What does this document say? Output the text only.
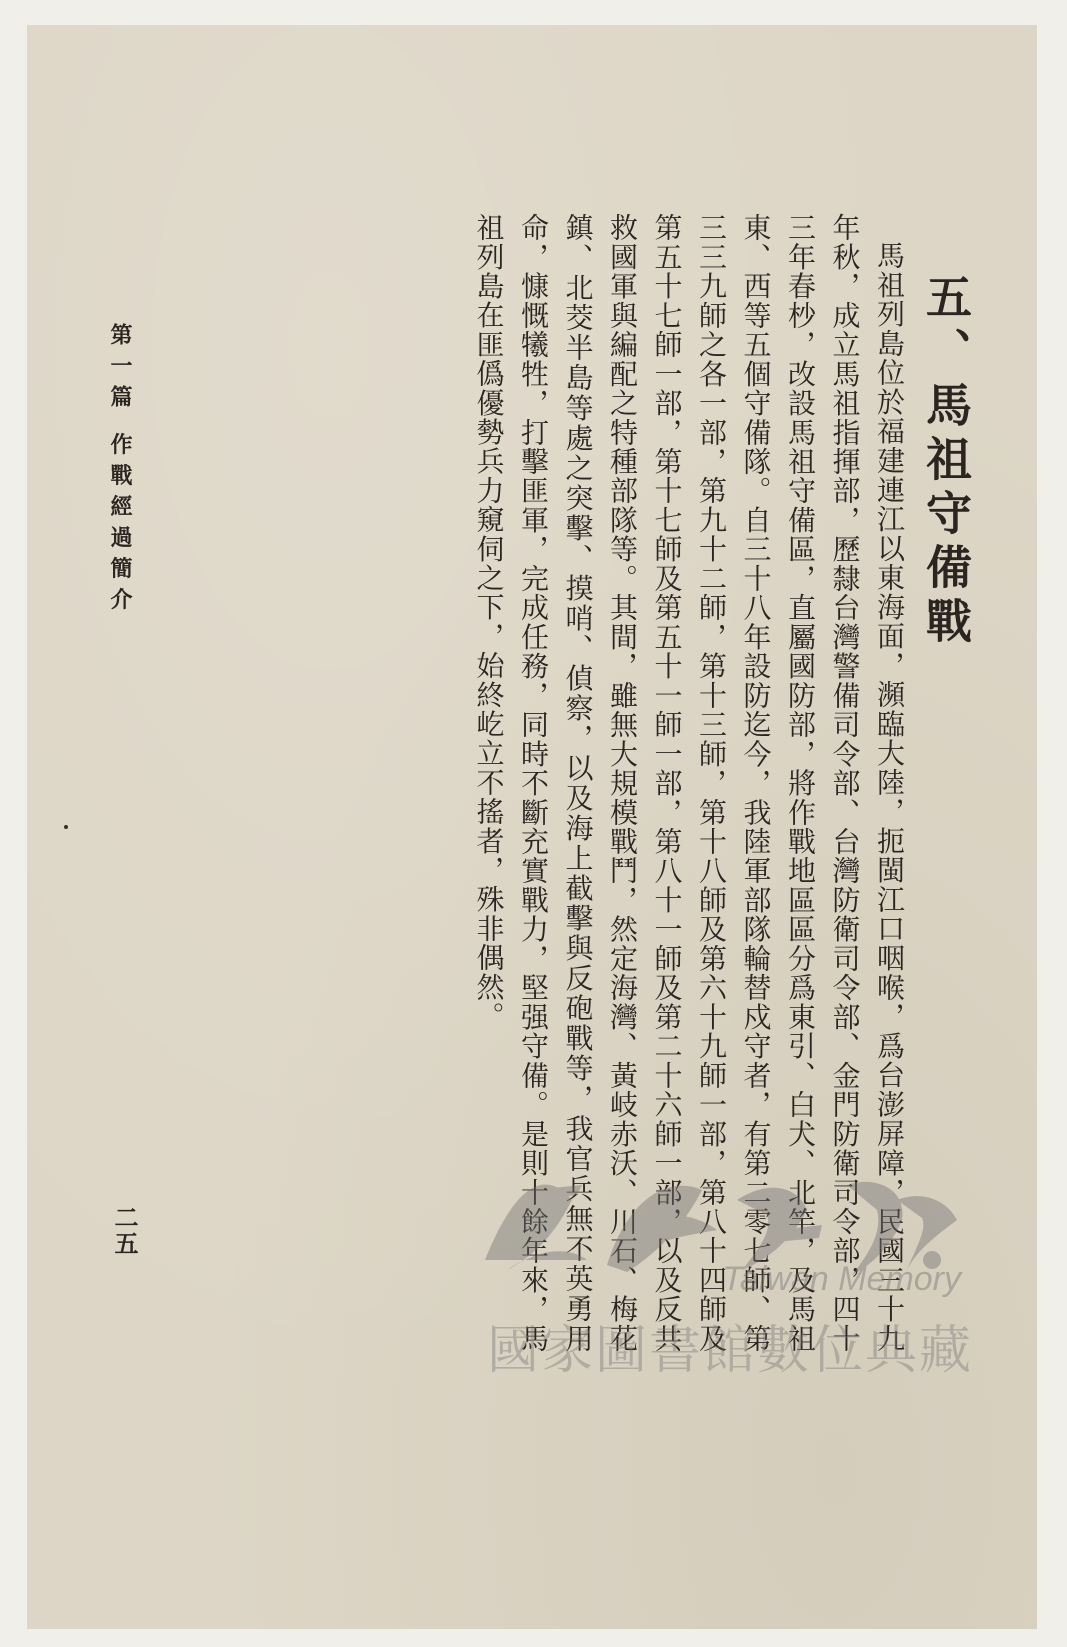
五、馬祖守備戰

馬祖列島位於福建連江以東海面，瀕臨大陸，扼閩江口咽喉，爲台澎屏障，民國三十九年秋，成立馬祖指揮部，歷隸台灣警備司令部、台灣防衛司令部、金門防衛司令部，四十三年春杪，改設馬祖守備區，直屬國防部，將作戰地區區分爲東引、白犬、北竿，及馬祖東、西等五個守備隊。自三十八年設防迄今，我陸軍部隊輪替戍守者，有第二零七師、第三三九師之各一部，第九十二師，第十三師，第十八師及第六十九師一部，第八十四師及第五十七師一部，第十七師及第五十一師一部，第八十一師及第二十六師一部，以及反共救國軍與編配之特種部隊等。其間，雖無大規模戰鬥，然定海灣、黃岐赤沃、川石、梅花鎮、北茭半島等處之突擊、摸哨、偵察，以及海上截擊與反砲戰等，我官兵無不英勇用命，慷慨犧牲，打擊匪軍，完成任務，同時不斷充實戰力，堅强守備。是則十餘年來，馬祖列島在匪僞優勢兵力窺伺之下，始終屹立不搖者，殊非偶然。

第一篇 作戰經過簡介
二五
Taiwan Memory
國家圖書館數位典藏
